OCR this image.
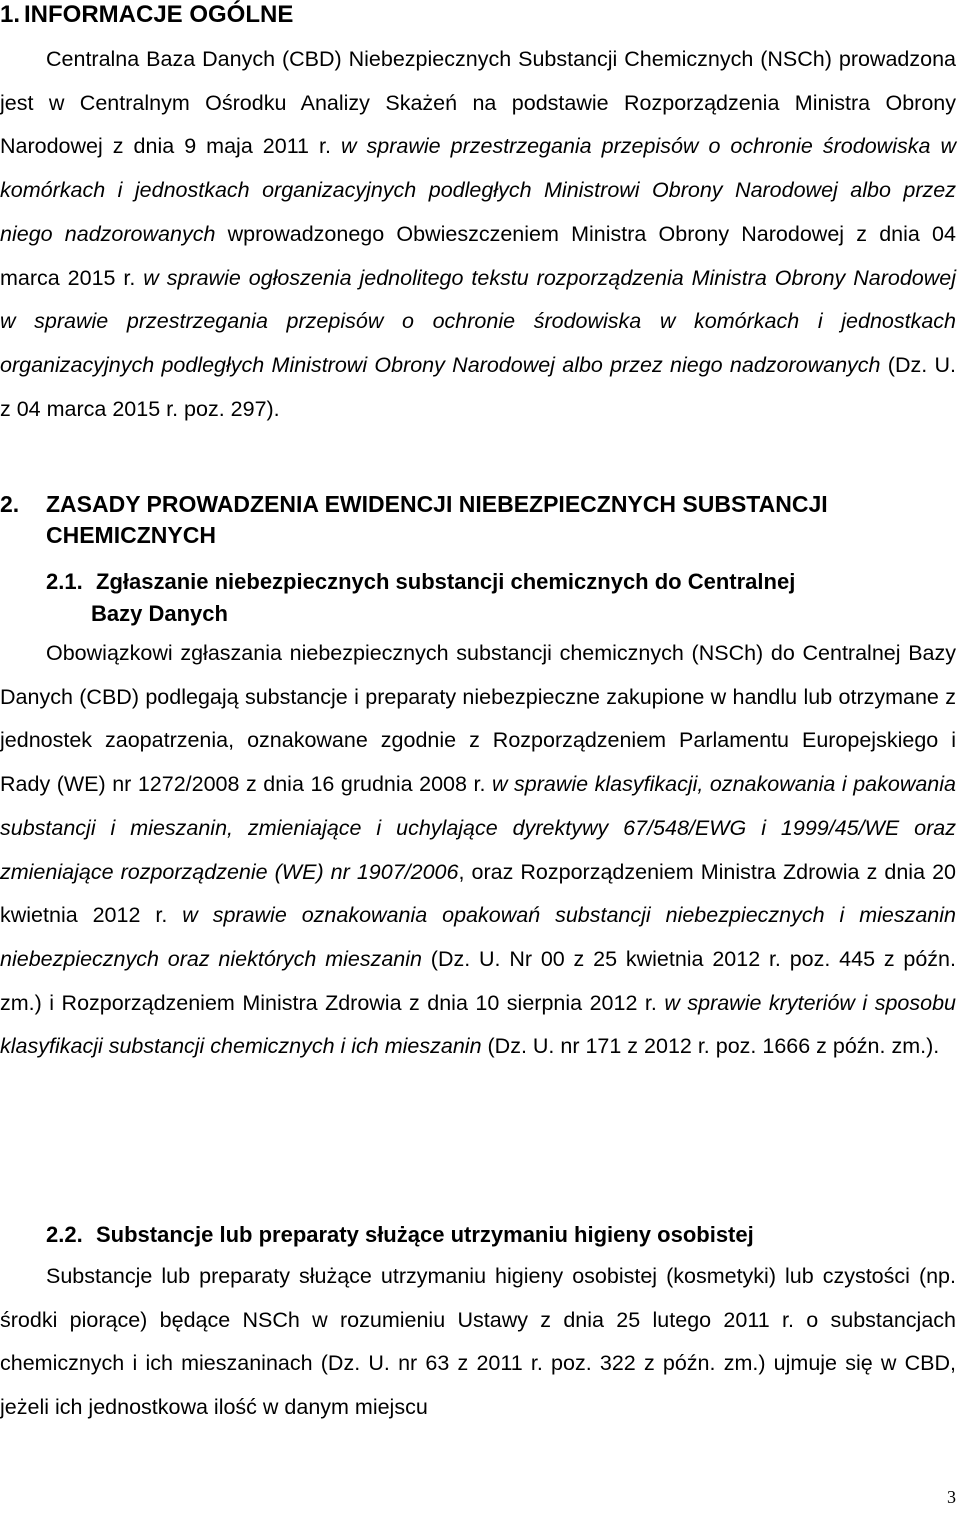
1. INFORMACJE OGÓLNE
Centralna Baza Danych (CBD) Niebezpiecznych Substancji Chemicznych (NSCh) prowadzona jest w Centralnym Ośrodku Analizy Skażeń na podstawie Rozporządzenia Ministra Obrony Narodowej z dnia 9 maja 2011 r. w sprawie przestrzegania przepisów o ochronie środowiska w komórkach i jednostkach organizacyjnych podległych Ministrowi Obrony Narodowej albo przez niego nadzorowanych wprowadzonego Obwieszczeniem Ministra Obrony Narodowej z dnia 04 marca 2015 r. w sprawie ogłoszenia jednolitego tekstu rozporządzenia Ministra Obrony Narodowej w sprawie przestrzegania przepisów o ochronie środowiska w komórkach i jednostkach organizacyjnych podległych Ministrowi Obrony Narodowej albo przez niego nadzorowanych (Dz. U. z 04 marca 2015 r. poz. 297).
2. ZASADY PROWADZENIA EWIDENCJI NIEBEZPIECZNYCH SUBSTANCJI CHEMICZNYCH
2.1. Zgłaszanie niebezpiecznych substancji chemicznych do Centralnej
Bazy Danych
Obowiązkowi zgłaszania niebezpiecznych substancji chemicznych (NSCh) do Centralnej Bazy Danych (CBD) podlegają substancje i preparaty niebezpieczne zakupione w handlu lub otrzymane z jednostek zaopatrzenia, oznakowane zgodnie z Rozporządzeniem Parlamentu Europejskiego i Rady (WE) nr 1272/2008 z dnia 16 grudnia 2008 r. w sprawie klasyfikacji, oznakowania i pakowania substancji i mieszanin, zmieniające i uchylające dyrektywy 67/548/EWG i 1999/45/WE oraz zmieniające rozporządzenie (WE) nr 1907/2006, oraz Rozporządzeniem Ministra Zdrowia z dnia 20 kwietnia 2012 r. w sprawie oznakowania opakowań substancji niebezpiecznych i mieszanin niebezpiecznych oraz niektórych mieszanin (Dz. U. Nr 00 z 25 kwietnia 2012 r. poz. 445 z późn. zm.) i Rozporządzeniem Ministra Zdrowia z dnia 10 sierpnia 2012 r. w sprawie kryteriów i sposobu klasyfikacji substancji chemicznych i ich mieszanin (Dz. U. nr 171 z 2012 r. poz. 1666 z późn. zm.).
2.2. Substancje lub preparaty służące utrzymaniu higieny osobistej
Substancje lub preparaty służące utrzymaniu higieny osobistej (kosmetyki) lub czystości (np. środki piorące) będące NSCh w rozumieniu Ustawy z dnia 25 lutego 2011 r. o substancjach chemicznych i ich mieszaninach (Dz. U. nr 63 z 2011 r. poz. 322 z późn. zm.) ujmuje się w CBD, jeżeli ich jednostkowa ilość w danym miejscu
3
